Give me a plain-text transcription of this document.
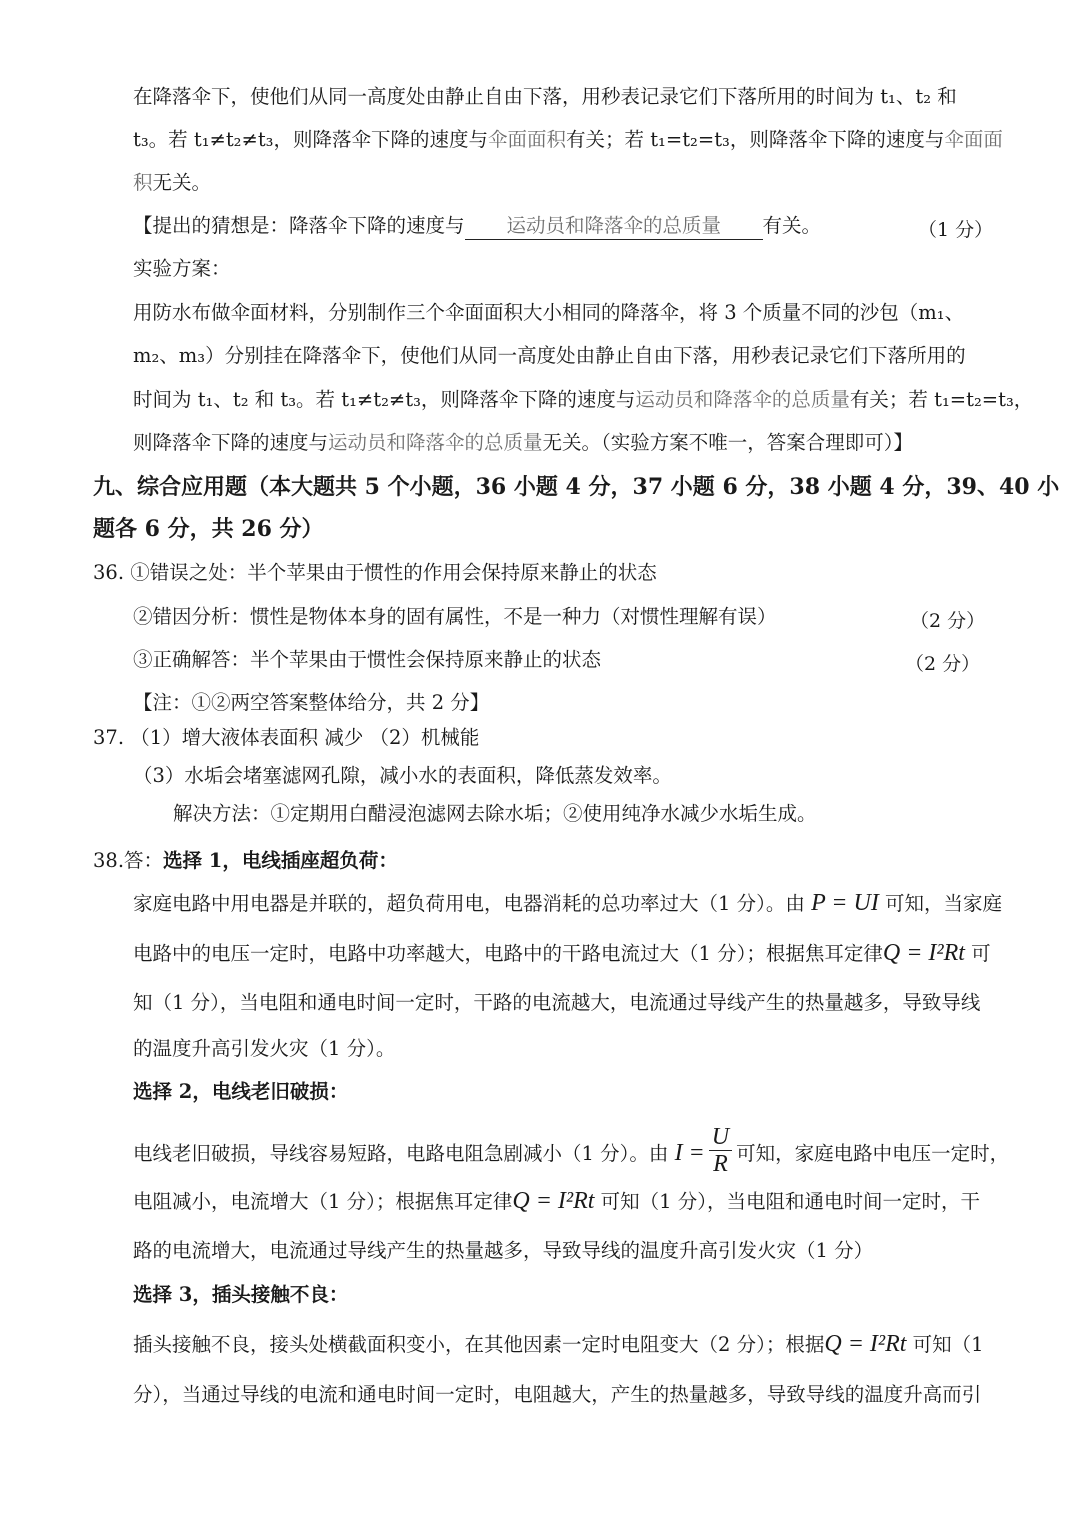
在降落伞下，使他们从同一高度处由静止自由下落，用秒表记录它们下落所用的时间为 t₁、t₂ 和
t₃。若 t₁≠t₂≠t₃，则降落伞下降的速度与伞面面积有关；若 t₁=t₂=t₃，则降落伞下降的速度与伞面面
积无关。
【提出的猜想是：降落伞下降的速度与 运动员和降落伞的总质量 有关。	（1 分）
实验方案：
用防水布做伞面材料，分别制作三个伞面面积大小相同的降落伞，将 3 个质量不同的沙包（m₁、
m₂、m₃）分别挂在降落伞下，使他们从同一高度处由静止自由下落，用秒表记录它们下落所用的
时间为 t₁、t₂ 和 t₃。若 t₁≠t₂≠t₃，则降落伞下降的速度与运动员和降落伞的总质量有关；若 t₁=t₂=t₃，
则降落伞下降的速度与运动员和降落伞的总质量无关。（实验方案不唯一，答案合理即可）】
九、综合应用题（本大题共 5 个小题，36 小题 4 分，37 小题 6 分，38 小题 4 分，39、40 小
题各 6 分，共 26 分）
36. ①错误之处：半个苹果由于惯性的作用会保持原来静止的状态
②错因分析：惯性是物体本身的固有属性，不是一种力（对惯性理解有误）	（2 分）
③正确解答：半个苹果由于惯性会保持原来静止的状态	（2 分）
【注：①②两空答案整体给分，共 2 分】
37. （1）增大液体表面积 减少 （2）机械能
（3）水垢会堵塞滤网孔隙，减小水的表面积，降低蒸发效率。
解决方法：①定期用白醋浸泡滤网去除水垢；②使用纯净水减少水垢生成。
38.答：选择 1，电线插座超负荷：
家庭电路中用电器是并联的，超负荷用电，电器消耗的总功率过大（1 分）。由 P = UI 可知，当家庭
电路中的电压一定时，电路中功率越大，电路中的干路电流过大（1 分）；根据焦耳定律Q = I²Rt 可
知（1 分），当电阻和通电时间一定时，干路的电流越大，电流通过导线产生的热量越多，导致导线
的温度升高引发火灾（1 分）。
选择 2，电线老旧破损：
电线老旧破损，导线容易短路，电路电阻急剧减小（1 分）。由 $I = \frac{U}{R}$ 可知，家庭电路中电压一定时，
电阻减小，电流增大（1 分）；根据焦耳定律Q = I²Rt 可知（1 分），当电阻和通电时间一定时，干
路的电流增大，电流通过导线产生的热量越多，导致导线的温度升高引发火灾（1 分）
选择 3，插头接触不良：
插头接触不良，接头处横截面积变小，在其他因素一定时电阻变大（2 分）；根据Q = I²Rt 可知（1
分），当通过导线的电流和通电时间一定时，电阻越大，产生的热量越多，导致导线的温度升高而引
